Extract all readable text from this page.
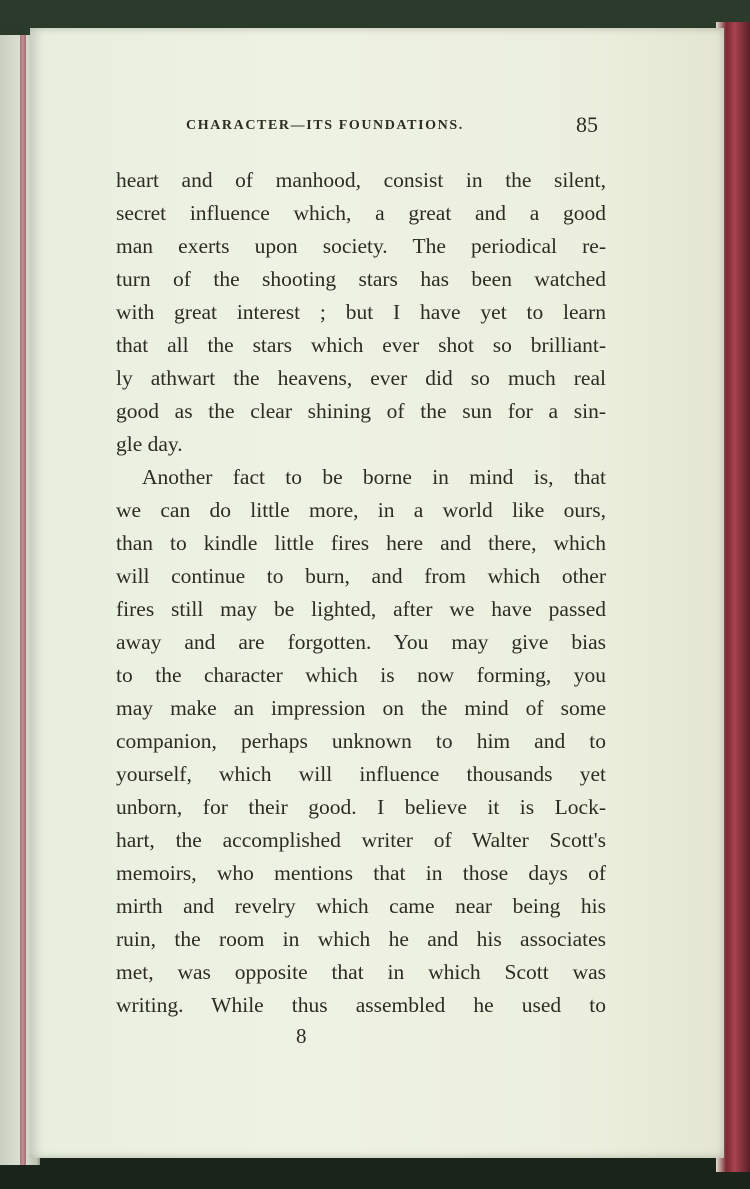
CHARACTER—ITS FOUNDATIONS.	85
heart and of manhood, consist in the silent,
secret influence which, a great and a good
man exerts upon society. The periodical re-
turn of the shooting stars has been watched
with great interest ; but I have yet to learn
that all the stars which ever shot so brilliant-
ly athwart the heavens, ever did so much real
good as the clear shining of the sun for a sin-
gle day.
Another fact to be borne in mind is, that
we can do little more, in a world like ours,
than to kindle little fires here and there, which
will continue to burn, and from which other
fires still may be lighted, after we have passed
away and are forgotten. You may give bias
to the character which is now forming, you
may make an impression on the mind of some
companion, perhaps unknown to him and to
yourself, which will influence thousands yet
unborn, for their good. I believe it is Lock-
hart, the accomplished writer of Walter Scott's
memoirs, who mentions that in those days of
mirth and revelry which came near being his
ruin, the room in which he and his associates
met, was opposite that in which Scott was
writing. While thus assembled he used to
8
